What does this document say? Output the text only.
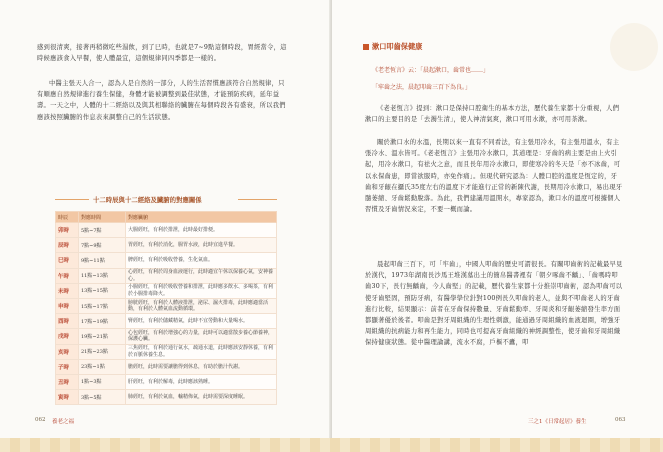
感到很清爽，接著再稍微吃些湯飲，到了巳時，也就是7~9點這個時段，胃經當令，這時候應該食入早餐，使人體最宜，這個規律同四季都是一樣的。

中醫主張天人合一，認為人是自然的一部分，人的生活習慣應該符合自然規律，只有順應自然規律進行養生保健，身體才能被調整到最佳狀態，才能預防疾病，延年益壽。一天之中，人體的十二經絡以及與其相聯絡的臟腑在每個時段各有盛衰，所以我們應該按照臟腑的作息表來調整自己的生活狀態。

十二時辰與十二經絡及臟腑的對應關係
時辰	對應時間	對應臟腑
卯時	5點~7點	大腸經旺，有利於排泄，此時最好排便。
辰時	7點~9點	胃經旺，有利於消化，腸胃水液，此時宜進早餐。
巳時	9點~11點	脾經旺，有利於吸收營養，生化氣血。
午時	11點~13點	心經旺，有利於周身血液運行，此時適宜午休以保養心氣，安神養心。
未時	13點~15點	小腸經旺，有利於吸收營養和排泄，此時應多飲水、多喝茶，有利於小腸排毒降火。
申時	15點~17點	膀胱經旺，有利於人體液排泄，泌尿、濕火排毒，此時應適當活動，有利於人體氣血流動循環。
酉時	17點~19點	腎經旺，有利於儲藏精氣，此時不宜勞動和大量喝水。
戌時	19點~21點	心包經旺，有利於增強心的力量，此時可以適當散步養心節養神，保護心臟。
亥時	21點~23點	三焦經旺，有利於通行氣水，疏通水道，此時應該安靜休養，有利於百脈休養生息。
子時	23點~1點	膽經旺，此時需要讓膽得到休息，有助於膽汁代謝。
丑時	1點~3點	肝經旺，有利於解毒，此時應該熟睡。
寅時	3點~5點	肺經旺，有利於氣血，輸精佈氣，此時需要深度睡眠。
062 養老之福
漱口叩齒保健康
《老老恆言》云：「晨起漱口，齒常也……」
「牢齒之法，晨起叩齒三百下為良。」

《老老恆言》提到：漱口是保持口腔衛生的基本方法，歷代養生家都十分重視，人們漱口的主要目的是「去濁生清」，使人神清氣爽，漱口可用水漱，亦可用茶漱。

關於漱口水的水溫，長期以來一直有不同看法，有主張用冷水，有主張用溫水，有主張冷水、溫水皆可。《老老恆言》主張用冷水漱口，其道理是：牙齒的病主要是由上火引起，用冷水漱口，有祛火之意，而且長年用冷水漱口，即使寒冷的冬天是「亦不冰齒，可以永保齒患，即當欲服時，亦免作痛」。但現代研究認為：人體口腔的溫度是恆定的，牙齒和牙齦在攝氏35度左右的溫度下才能進行正常的新陳代謝，長期用冷水漱口，易出現牙髓萎縮、牙齒鬆動脫落。為此，我們建議用溫開水，專家認為，漱口水的溫度可根據個人習慣及牙齒情況來定，不要一概而論。

晨起叩齒三百下，可「牢齒」，中國人叩齒的歷史可謂很長。有關叩齒術的記載最早見於漢代，1973年湖南長沙馬王堆漢墓出土的簡帛醫書裡有「朝夕啄齒不齲」、「齒嗎時叩齒30下，長行無齲齒，今人齒堅」的記載，歷代養生家都十分推崇叩齒術，認為叩齒可以使牙齒堅固，預防牙病，有醫學學位針對100例長久叩齒的老人，並與不叩齒老人的牙齒進行比較，結果顯示：前者在牙齒保持數量、牙齒鬆動率、牙周炎和牙齦萎縮發生率方面都顯著優於後者。叩齒是對牙周組織的生理性刺激，能通過牙周組織的血液迴圈，增強牙周組織的抗病能力和再生能力，同時也可提高牙齒組織的神經調整性，使牙齒和牙周組織保持健康狀態。從中醫理論講，流水不腐，戶樞不蠹，叩

三之1《日常起居》養生	063
